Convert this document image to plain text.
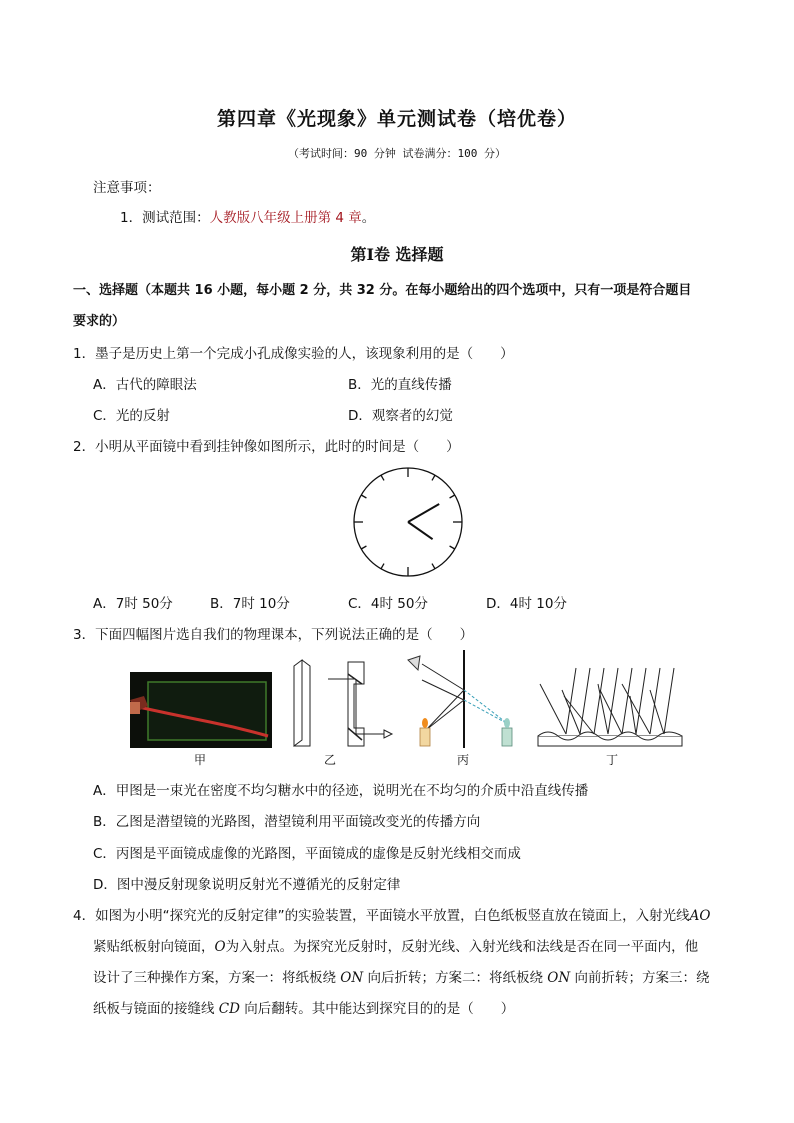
第四章《光现象》单元测试卷（培优卷）
（考试时间：90 分钟 试卷满分：100 分）
注意事项：
1．测试范围：人教版八年级上册第 4 章。
第Ⅰ卷 选择题
一、选择题（本题共 16 小题，每小题 2 分，共 32 分。在每小题给出的四个选项中，只有一项是符合题目
要求的）
1．墨子是历史上第一个完成小孔成像实验的人，该现象利用的是（　　）
A．古代的障眼法	B．光的直线传播
C．光的反射	D．观察者的幻觉
2．小明从平面镜中看到挂钟像如图所示，此时的时间是（　　）
A．7时 50分	B．7时 10分	C．4时 50分	D．4时 10分
3．下面四幅图片选自我们的物理课本，下列说法正确的是（　　）
甲	乙	丙	丁
A．甲图是一束光在密度不均匀糖水中的径迹，说明光在不均匀的介质中沿直线传播
B．乙图是潜望镜的光路图，潜望镜利用平面镜改变光的传播方向
C．丙图是平面镜成虚像的光路图，平面镜成的虚像是反射光线相交而成
D．图中漫反射现象说明反射光不遵循光的反射定律
4．如图为小明“探究光的反射定律”的实验装置，平面镜水平放置，白色纸板竖直放在镜面上，入射光线AO
紧贴纸板射向镜面，O为入射点。为探究光反射时，反射光线、入射光线和法线是否在同一平面内，他
设计了三种操作方案，方案一：将纸板绕 ON 向后折转；方案二：将纸板绕 ON 向前折转；方案三：绕
纸板与镜面的接缝线 CD 向后翻转。其中能达到探究目的的是（　　）
